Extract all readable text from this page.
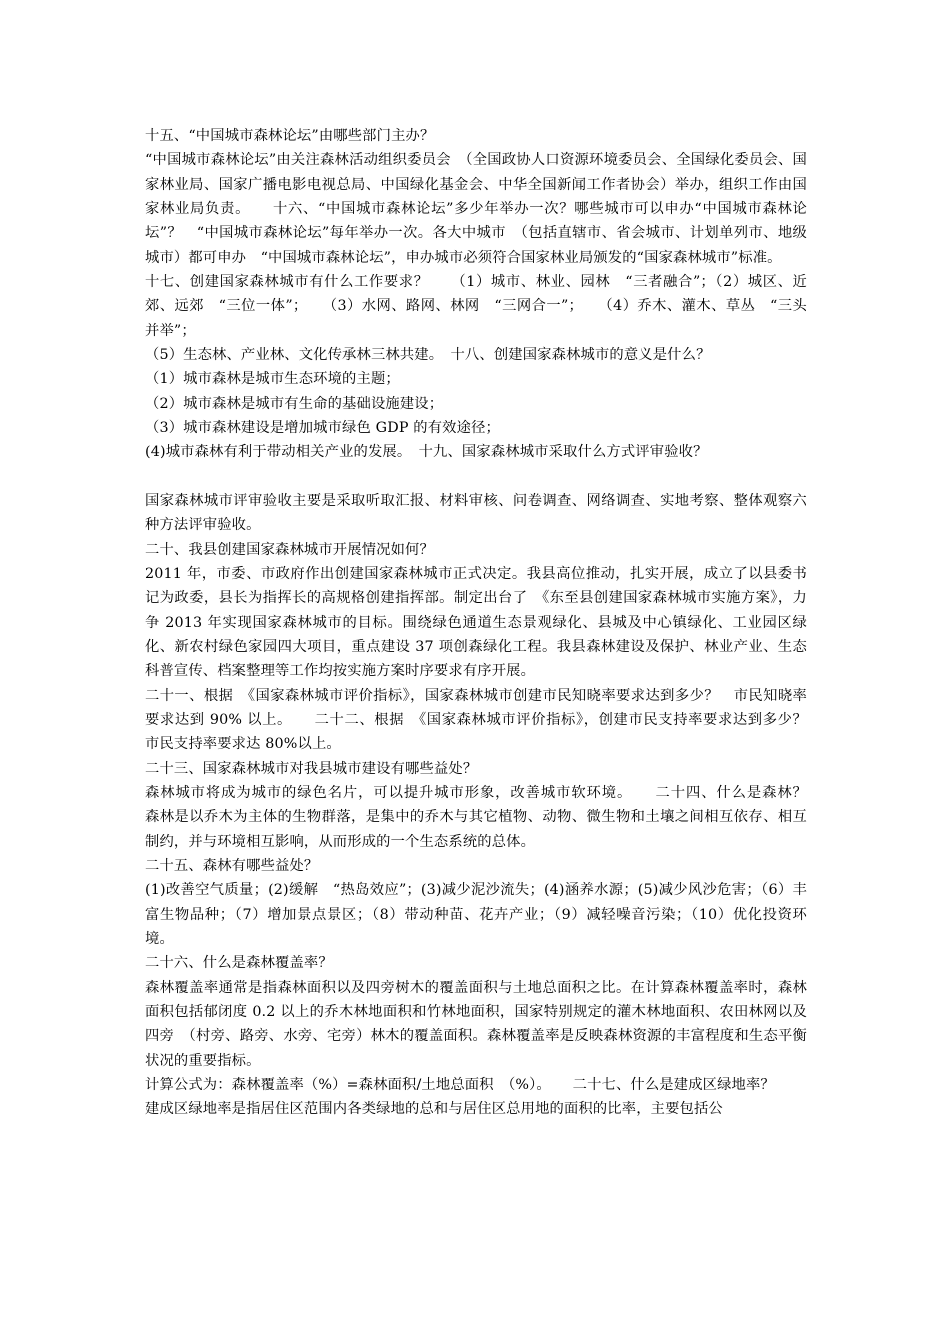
十五、“中国城市森林论坛”由哪些部门主办？

“中国城市森林论坛”由关注森林活动组织委员会　（全国政协人口资源环境委员会、全国绿化委员会、国家林业局、国家广播电影电视总局、中国绿化基金会、中华全国新闻工作者协会）举办，组织工作由国家林业局负责。　　十六、“中国城市森林论坛”多少年举办一次？哪些城市可以申办“中国城市森林论坛”？　“中国城市森林论坛”每年举办一次。各大中城市　（包括直辖市、省会城市、计划单列市、地级城市）都可申办　“中国城市森林论坛”，申办城市必须符合国家林业局颁发的“国家森林城市”标准。

十七、创建国家森林城市有什么工作要求？　　（1）城市、林业、园林　“三者融合”；（2）城区、近郊、远郊　“三位一体”；　　（3）水网、路网、林网　“三网合一”；　　（4）乔木、灌木、草丛　“三头并举”；

（5）生态林、产业林、文化传承林三林共建。　十八、创建国家森林城市的意义是什么？

（1）城市森林是城市生态环境的主题；

（2）城市森林是城市有生命的基础设施建设；

（3）城市森林建设是增加城市绿色 GDP 的有效途径；

(4)城市森林有利于带动相关产业的发展。　十九、国家森林城市采取什么方式评审验收？

国家森林城市评审验收主要是采取听取汇报、材料审核、问卷调查、网络调查、实地考察、整体观察六种方法评审验收。

二十、我县创建国家森林城市开展情况如何？

2011 年，市委、市政府作出创建国家森林城市正式决定。我县高位推动，扎实开展，成立了以县委书记为政委，县长为指挥长的高规格创建指挥部。制定出台了　《东至县创建国家森林城市实施方案》，力争 2013 年实现国家森林城市的目标。围绕绿色通道生态景观绿化、县城及中心镇绿化、工业园区绿化、新农村绿色家园四大项目，重点建设 37 项创森绿化工程。我县森林建设及保护、林业产业、生态科普宣传、档案整理等工作均按实施方案时序要求有序开展。

二十一、根据　《国家森林城市评价指标》，国家森林城市创建市民知晓率要求达到多少？　市民知晓率要求达到 90% 以上。　　二十二、根据　《国家森林城市评价指标》，创建市民支持率要求达到多少？　　市民支持率要求达 80%以上。

二十三、国家森林城市对我县城市建设有哪些益处？

森林城市将成为城市的绿色名片，可以提升城市形象，改善城市软环境。　　二十四、什么是森林？　　森林是以乔木为主体的生物群落，是集中的乔木与其它植物、动物、微生物和土壤之间相互依存、相互制约，并与环境相互影响，从而形成的一个生态系统的总体。

二十五、森林有哪些益处？

(1)改善空气质量；(2)缓解　“热岛效应”；(3)减少泥沙流失；(4)涵养水源；(5)减少风沙危害；（6）丰富生物品种；（7）增加景点景区；（8）带动种苗、花卉产业；（9）减轻噪音污染；（10）优化投资环境。

二十六、什么是森林覆盖率？

森林覆盖率通常是指森林面积以及四旁树木的覆盖面积与土地总面积之比。在计算森林覆盖率时，森林面积包括郁闭度 0.2 以上的乔木林地面积和竹林地面积，国家特别规定的灌木林地面积、农田林网以及四旁　（村旁、路旁、水旁、宅旁）林木的覆盖面积。森林覆盖率是反映森林资源的丰富程度和生态平衡状况的重要指标。

计算公式为：森林覆盖率（%）=森林面积/土地总面积　（%）。　　二十七、什么是建成区绿地率？

建成区绿地率是指居住区范围内各类绿地的总和与居住区总用地的面积的比率，主要包括公
